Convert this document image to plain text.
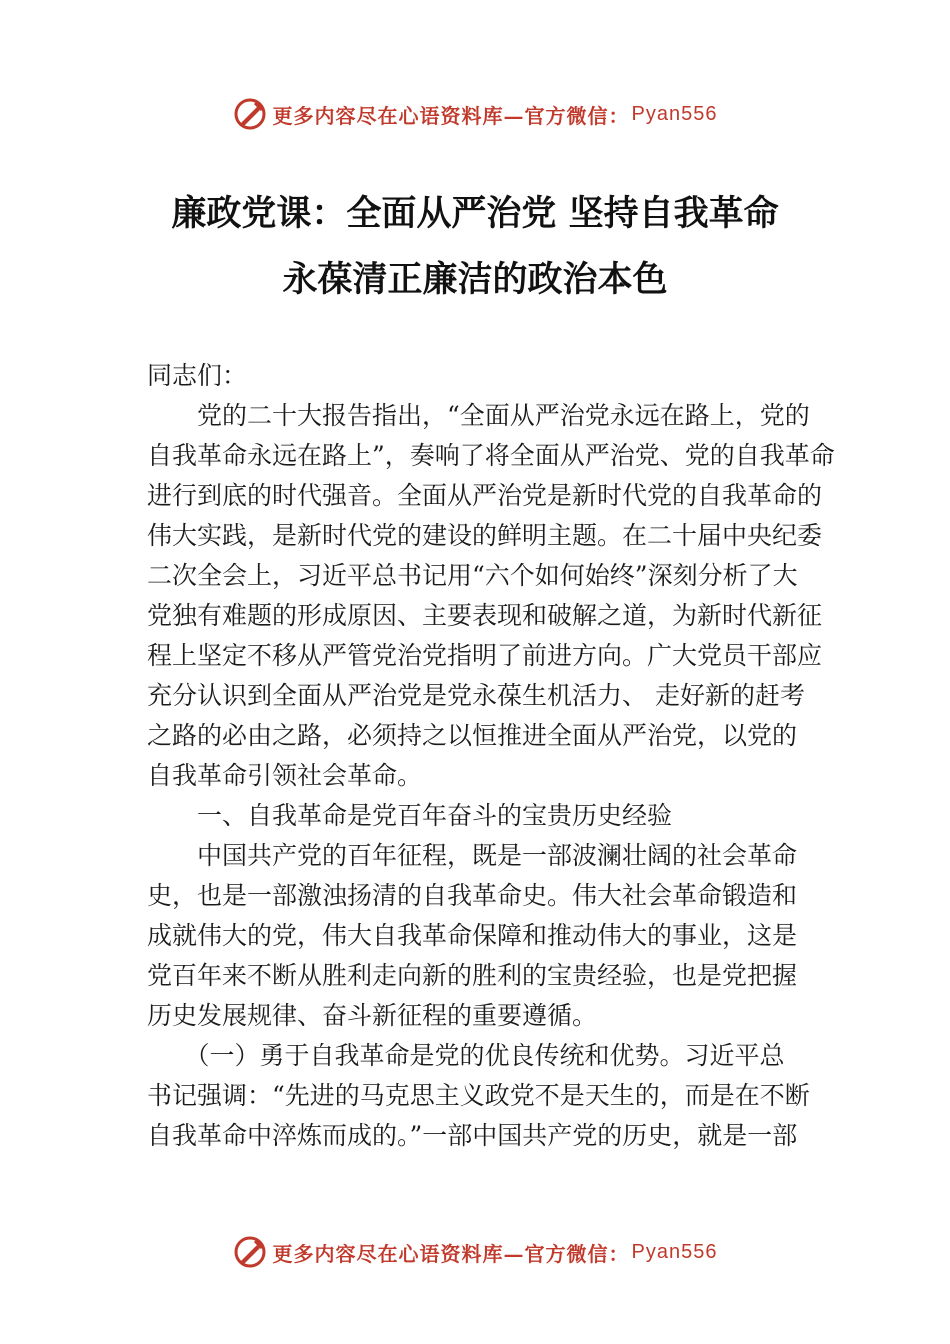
更多内容尽在心语资料库—官方微信： Pyan556
廉政党课：全面从严治党 坚持自我革命
永葆清正廉洁的政治本色
同志们：
　　党的二十大报告指出，“全面从严治党永远在路上，党的
自我革命永远在路上”，奏响了将全面从严治党、党的自我革命
进行到底的时代强音。全面从严治党是新时代党的自我革命的
伟大实践，是新时代党的建设的鲜明主题。在二十届中央纪委
二次全会上，习近平总书记用“六个如何始终”深刻分析了大
党独有难题的形成原因、主要表现和破解之道，为新时代新征
程上坚定不移从严管党治党指明了前进方向。广大党员干部应
充分认识到全面从严治党是党永葆生机活力、 走好新的赶考
之路的必由之路，必须持之以恒推进全面从严治党，以党的
自我革命引领社会革命。
　　一、自我革命是党百年奋斗的宝贵历史经验
　　中国共产党的百年征程，既是一部波澜壮阔的社会革命
史，也是一部激浊扬清的自我革命史。伟大社会革命锻造和
成就伟大的党，伟大自我革命保障和推动伟大的事业，这是
党百年来不断从胜利走向新的胜利的宝贵经验，也是党把握
历史发展规律、奋斗新征程的重要遵循。
　　（一）勇于自我革命是党的优良传统和优势。习近平总
书记强调：“先进的马克思主义政党不是天生的，而是在不断
自我革命中淬炼而成的。”一部中国共产党的历史，就是一部
更多内容尽在心语资料库—官方微信： Pyan556
